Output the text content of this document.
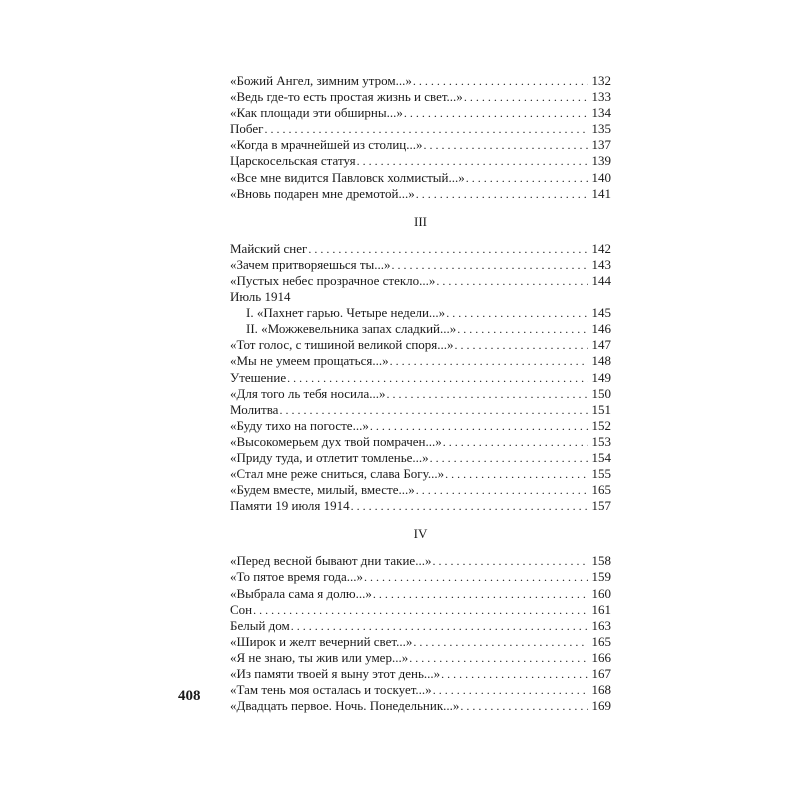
«Божий Ангел, зимним утром...» . . .	132
«Ведь где-то есть простая жизнь и свет...» . . .	133
«Как площади эти обширны...» . . .	134
Побег . . .	135
«Когда в мрачнейшей из столиц...» . . .	137
Царскосельская статуя . . .	139
«Все мне видится Павловск холмистый...» . . .	140
«Вновь подарен мне дремотой...» . . .	141
III
Майский снег . . .	142
«Зачем притворяешься ты...» . . .	143
«Пустых небес прозрачное стекло...» . . .	144
Июль 1914
I. «Пахнет гарью. Четыре недели...» . . .	145
II. «Можжевельника запах сладкий...» . . .	146
«Тот голос, с тишиной великой споря...» . . .	147
«Мы не умеем прощаться...» . . .	148
Утешение . . .	149
«Для того ль тебя носила...» . . .	150
Молитва . . .	151
«Буду тихо на погосте...» . . .	152
«Высокомерьем дух твой помрачен...» . . .	153
«Приду туда, и отлетит томленье...» . . .	154
«Стал мне реже сниться, слава Богу...» . . .	155
«Будем вместе, милый, вместе...» . . .	165
Памяти 19 июля 1914 . . .	157
IV
«Перед весной бывают дни такие...» . . .	158
«То пятое время года...» . . .	159
«Выбрала сама я долю...» . . .	160
Сон . . .	161
Белый дом . . .	163
«Широк и желт вечерний свет...» . . .	165
«Я не знаю, ты жив или умер...» . . .	166
«Из памяти твоей я выну этот день...» . . .	167
«Там тень моя осталась и тоскует...» . . .	168
«Двадцать первое. Ночь. Понедельник...» . . .	169
408
